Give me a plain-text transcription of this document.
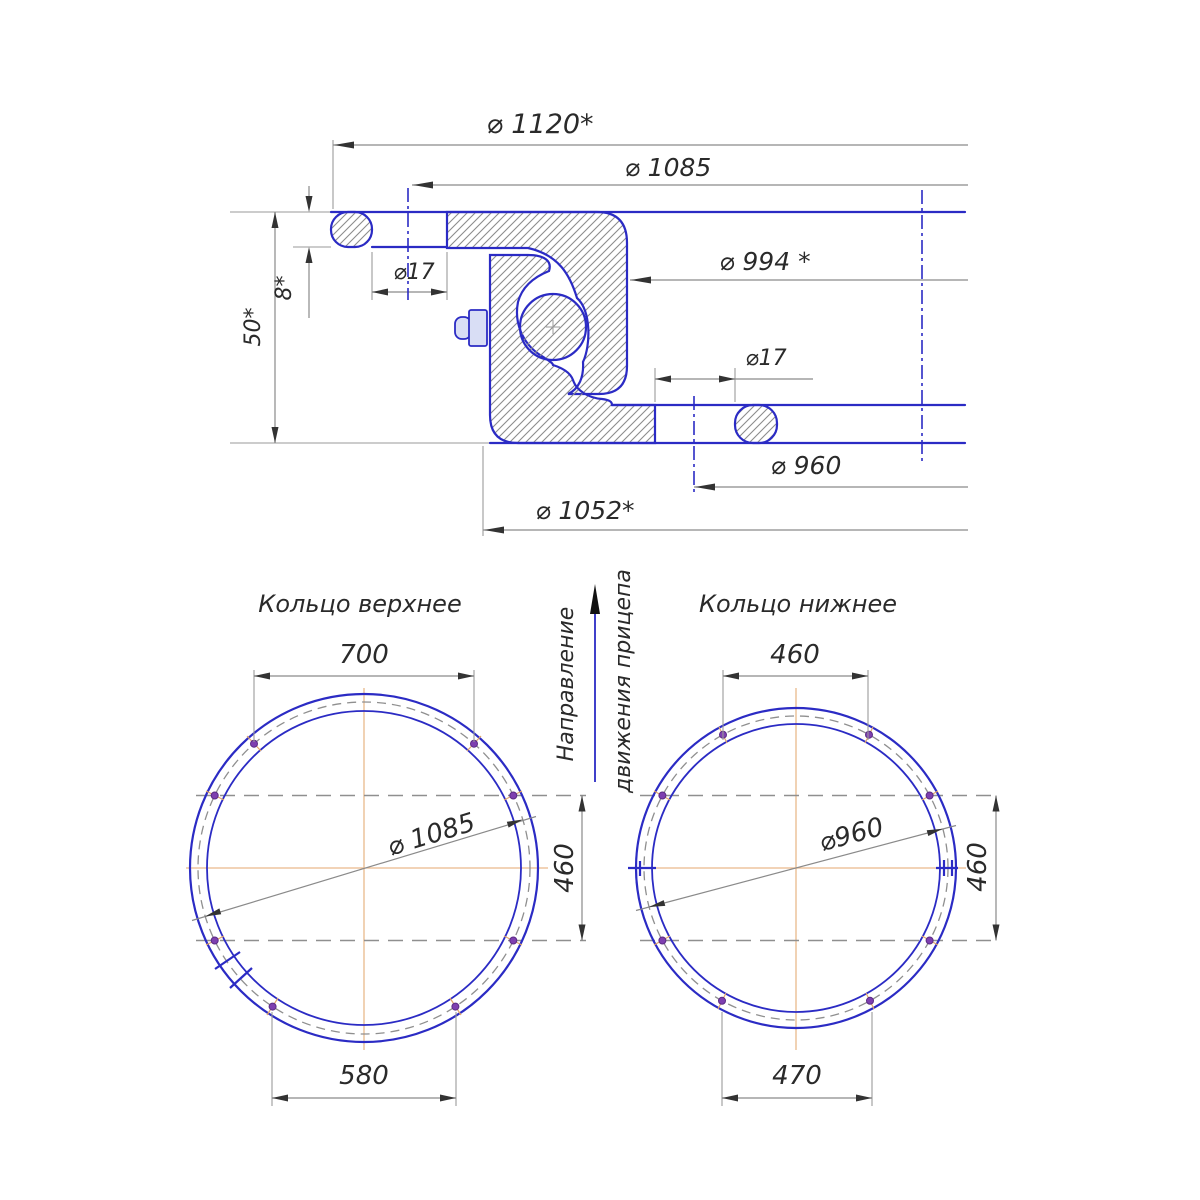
⌀ 1120*
⌀ 1085
⌀ 994 *
⌀17
⌀17
⌀ 960
⌀ 1052*
8*
50*
Кольцо верхнее
700
580
460
⌀ 1085
Направление движения прицепа	Кольцо нижнее
460
470
460
⌀960
